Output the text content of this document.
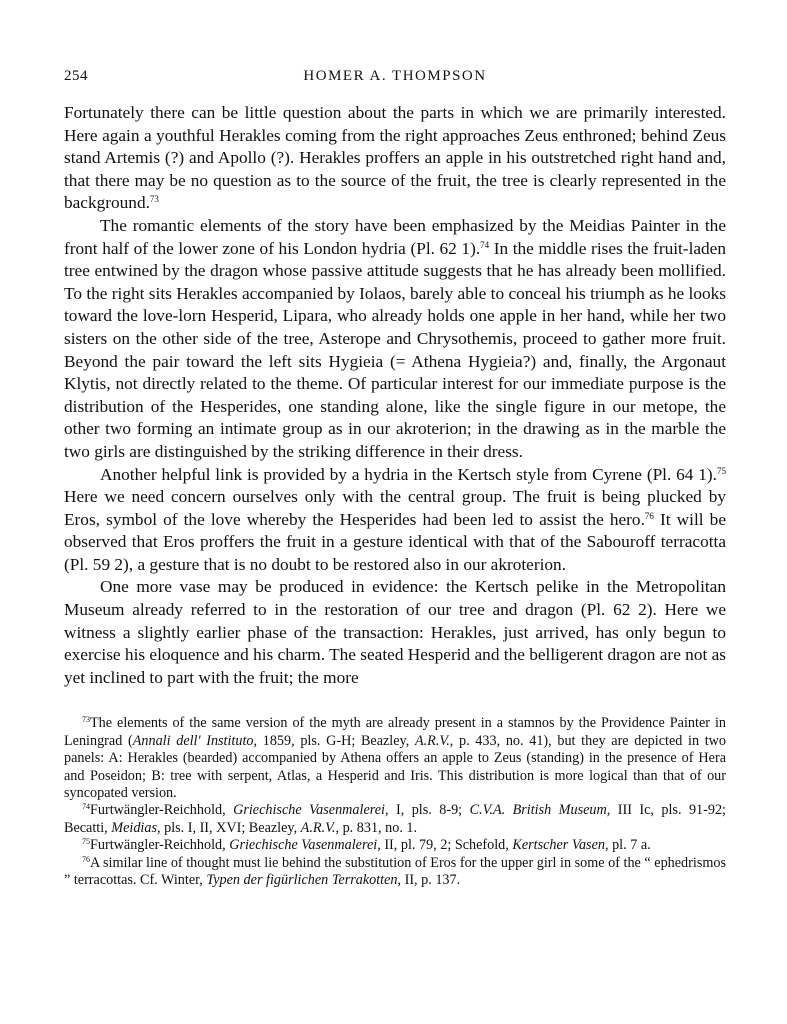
254	HOMER A. THOMPSON

Fortunately there can be little question about the parts in which we are primarily interested. Here again a youthful Herakles coming from the right approaches Zeus enthroned; behind Zeus stand Artemis (?) and Apollo (?). Herakles proffers an apple in his outstretched right hand and, that there may be no question as to the source of the fruit, the tree is clearly represented in the background.$^{73}$

The romantic elements of the story have been emphasized by the Meidias Painter in the front half of the lower zone of his London hydria (Pl. 62 1).$^{74}$ In the middle rises the fruit-laden tree entwined by the dragon whose passive attitude suggests that he has already been mollified. To the right sits Herakles accompanied by Iolaos, barely able to conceal his triumph as he looks toward the love-lorn Hesperid, Lipara, who already holds one apple in her hand, while her two sisters on the other side of the tree, Asterope and Chrysothemis, proceed to gather more fruit. Beyond the pair toward the left sits Hygieia (= Athena Hygieia?) and, finally, the Argonaut Klytis, not directly related to the theme. Of particular interest for our immediate purpose is the distribution of the Hesperides, one standing alone, like the single figure in our metope, the other two forming an intimate group as in our akroterion; in the drawing as in the marble the two girls are distinguished by the striking difference in their dress.

Another helpful link is provided by a hydria in the Kertsch style from Cyrene (Pl. 64 1).$^{75}$ Here we need concern ourselves only with the central group. The fruit is being plucked by Eros, symbol of the love whereby the Hesperides had been led to assist the hero.$^{76}$ It will be observed that Eros proffers the fruit in a gesture identical with that of the Sabouroff terracotta (Pl. 59 2), a gesture that is no doubt to be restored also in our akroterion.

One more vase may be produced in evidence: the Kertsch pelike in the Metropolitan Museum already referred to in the restoration of our tree and dragon (Pl. 62 2). Here we witness a slightly earlier phase of the transaction: Herakles, just arrived, has only begun to exercise his eloquence and his charm. The seated Hesperid and the belligerent dragon are not as yet inclined to part with the fruit; the more

$^{73}$The elements of the same version of the myth are already present in a stamnos by the Providence Painter in Leningrad (Annali dell' Instituto, 1859, pls. G-H; Beazley, A.R.V., p. 433, no. 41), but they are depicted in two panels: A: Herakles (bearded) accompanied by Athena offers an apple to Zeus (standing) in the presence of Hera and Poseidon; B: tree with serpent, Atlas, a Hesperid and Iris. This distribution is more logical than that of our syncopated version.

$^{74}$Furtwängler-Reichhold, Griechische Vasenmalerei, I, pls. 8-9; C.V.A. British Museum, III Ic, pls. 91-92; Becatti, Meidias, pls. I, II, XVI; Beazley, A.R.V., p. 831, no. 1.

$^{75}$Furtwängler-Reichhold, Griechische Vasenmalerei, II, pl. 79, 2; Schefold, Kertscher Vasen, pl. 7 a.

$^{76}$A similar line of thought must lie behind the substitution of Eros for the upper girl in some of the “ ephedrismos ” terracottas. Cf. Winter, Typen der figürlichen Terrakotten, II, p. 137.
